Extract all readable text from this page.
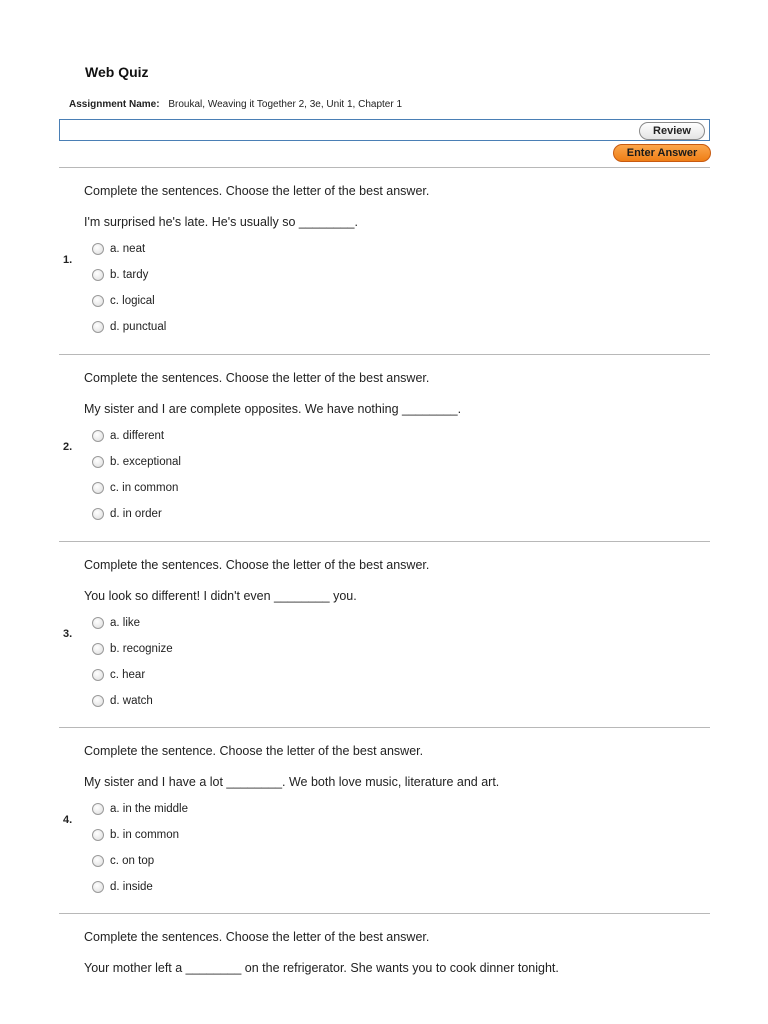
Web Quiz
Assignment Name: Broukal, Weaving it Together 2, 3e, Unit 1, Chapter 1
Review
Enter Answer
Complete the sentences. Choose the letter of the best answer.
I'm surprised he's late. He's usually so ________.
1.
a. neat
b. tardy
c. logical
d. punctual
Complete the sentences. Choose the letter of the best answer.
My sister and I are complete opposites. We have nothing ________.
2.
a. different
b. exceptional
c. in common
d. in order
Complete the sentences. Choose the letter of the best answer.
You look so different! I didn't even ________ you.
3.
a. like
b. recognize
c. hear
d. watch
Complete the sentence. Choose the letter of the best answer.
My sister and I have a lot ________. We both love music, literature and art.
4.
a. in the middle
b. in common
c. on top
d. inside
Complete the sentences. Choose the letter of the best answer.
Your mother left a ________ on the refrigerator. She wants you to cook dinner tonight.
